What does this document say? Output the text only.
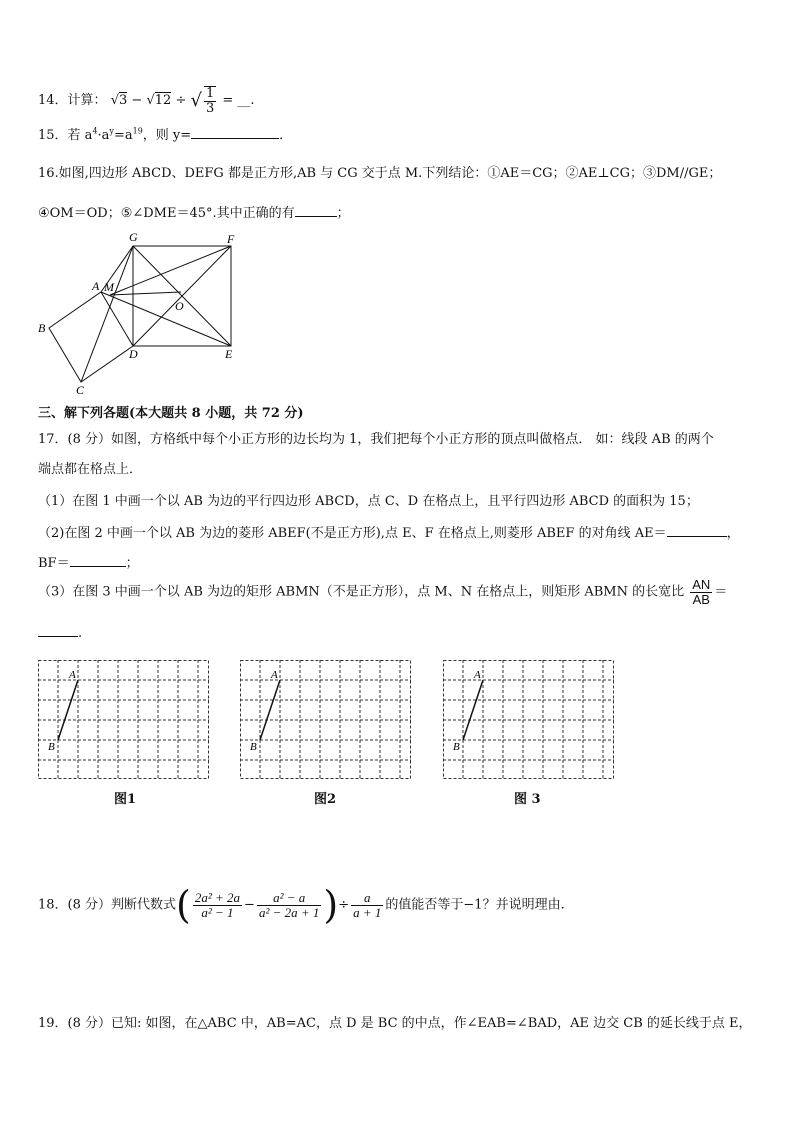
14．计算： √3 − √12 ÷ √ $\frac{1}{3}$ = __.
15．若 $a^4\cdot a^y=a^{19}$，则 y=	．
16.如图,四边形 ABCD、DEFG 都是正方形,AB 与 CG 交于点 M.下列结论：①AE＝CG；②AE⊥CG；③DM//GE；
④OM＝OD；⑤∠DME＝45°.其中正确的有	；
G	F
A M
O
B
D	E
C
三、解下列各题(本大题共 8 小题，共 72 分)
17．(8 分）如图，方格纸中每个小正方形的边长均为 1，我们把每个小正方形的顶点叫做格点． 如：线段 AB 的两个
端点都在格点上．
（1）在图 1 中画一个以 AB 为边的平行四边形 ABCD，点 C、D 在格点上，且平行四边形 ABCD 的面积为 15；
（2)在图 2 中画一个以 AB 为边的菱形 ABEF(不是正方形),点 E、F 在格点上,则菱形 ABEF 的对角线 AE＝	，
BF＝	；
（3）在图 3 中画一个以 AB 为边的矩形 ABMN（不是正方形），点 M、N 在格点上，则矩形 ABMN 的长宽比 $\frac{AN}{AB}$ ＝
.
A
B
A
B
A
B
图1	图2	图 3
18．(8 分）判断代数式( $\frac{\text{2a² + 2a}}{\text{a² − 1}} - \frac{\text{a² − a}}{\text{a² − 2a + 1}}$ )÷ $\frac{a}{a + 1}$ 的值能否等于−1？并说明理由.
19．(8 分）已知: 如图，在△ABC 中，AB=AC，点 D 是 BC 的中点，作∠EAB=∠BAD，AE 边交 CB 的延长线于点 E，
